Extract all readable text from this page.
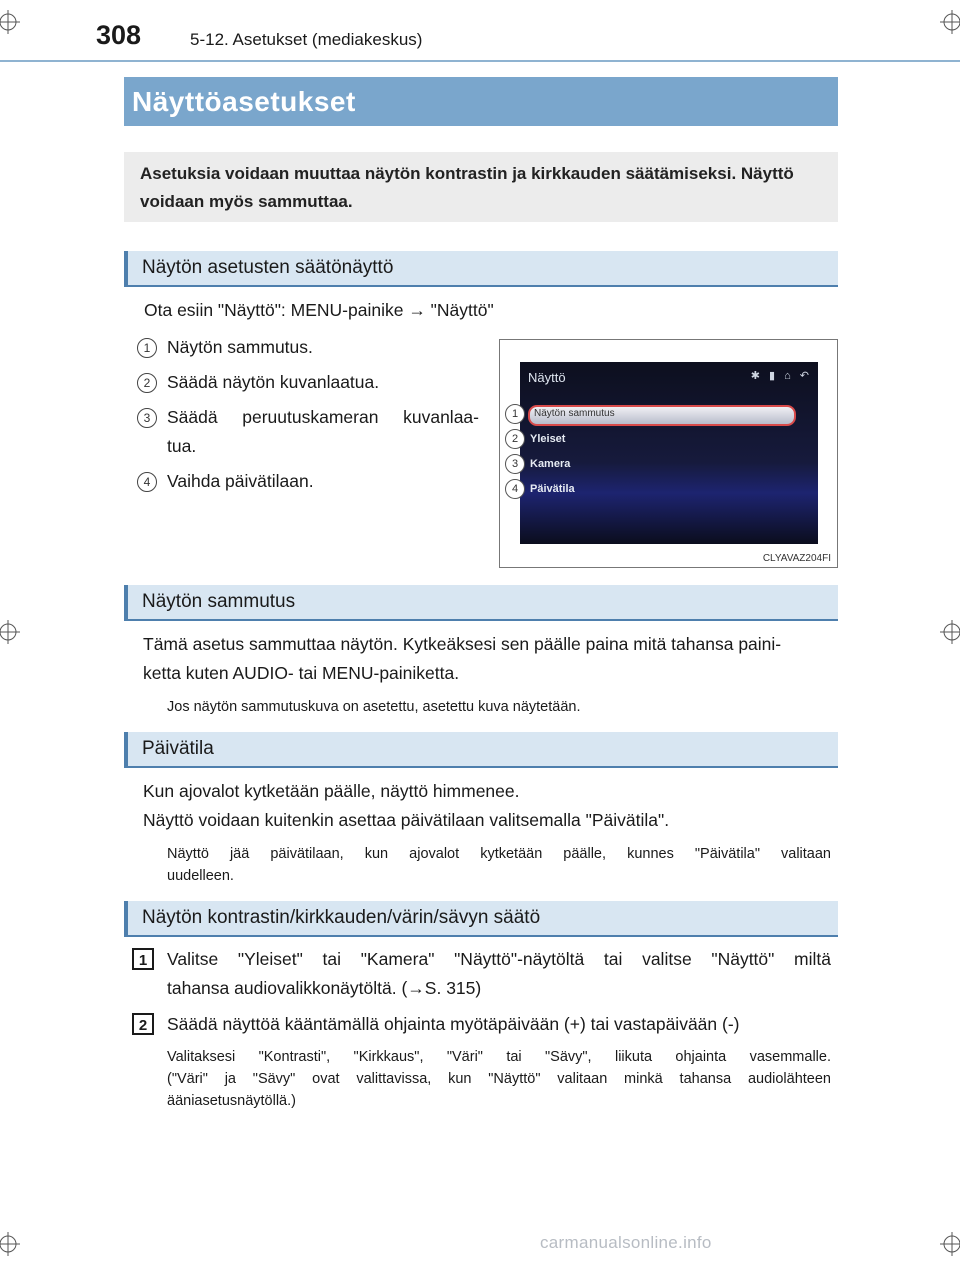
308	5-12. Asetukset (mediakeskus)
Näyttöasetukset

Asetuksia voidaan muuttaa näytön kontrastin ja kirkkauden säätämiseksi. Näyttö voidaan myös sammuttaa.

Näytön asetusten säätönäyttö
Ota esiin "Näyttö": MENU-painike → "Näyttö"
1 Näytön sammutus.
2 Säädä näytön kuvanlaatua.
3 Säädä peruutuskameran kuvanlaa-
tua.
4 Vaihda päivätilaan.
Näyttö	✱ ▮ ⌂ ↶
Näytön sammutus
Yleiset
Kamera
Päivätila
1
2
3
4
CLYAVAZ204FI
Näytön sammutus
Tämä asetus sammuttaa näytön. Kytkeäksesi sen päälle paina mitä tahansa paini-
ketta kuten AUDIO- tai MENU-painiketta.
Jos näytön sammutuskuva on asetettu, asetettu kuva näytetään.
Päivätila
Kun ajovalot kytketään päälle, näyttö himmenee.
Näyttö voidaan kuitenkin asettaa päivätilaan valitsemalla "Päivätila".
Näyttö jää päivätilaan, kun ajovalot kytketään päälle, kunnes "Päivätila" valitaan
uudelleen.
Näytön kontrastin/kirkkauden/värin/sävyn säätö
1	Valitse "Yleiset" tai "Kamera" "Näyttö"-näytöltä tai valitse "Näyttö" miltä
tahansa audiovalikkonäytöltä. (→S. 315)
2	Säädä näyttöä kääntämällä ohjainta myötäpäivään (+) tai vastapäivään (-)
Valitaksesi "Kontrasti", "Kirkkaus", "Väri" tai "Sävy", liikuta ohjainta vasemmalle.
("Väri" ja "Sävy" ovat valittavissa, kun "Näyttö" valitaan minkä tahansa audiolähteen
ääniasetusnäytöllä.)
carmanualsonline.info
